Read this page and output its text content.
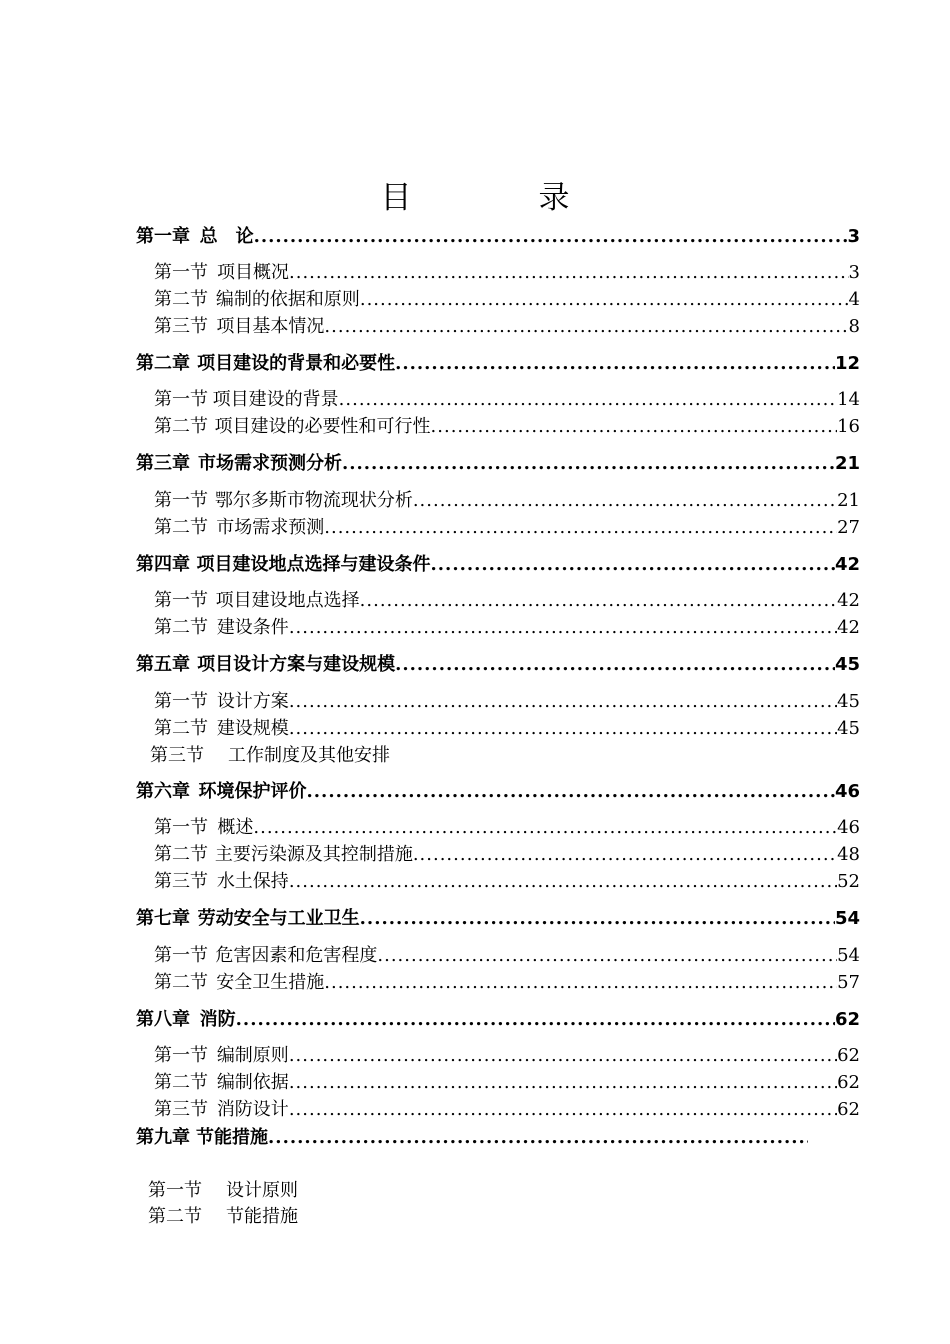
目　录
第一章 总　论 .....	3
第一节 项目概况 .....	3
第二节 编制的依据和原则 .....	4
第三节 项目基本情况 .....	8
第二章 项目建设的背景和必要性 .....	12
第一节 项目建设的背景 .....	14
第二节 项目建设的必要性和可行性 .....	16
第三章 市场需求预测分析 .....	21
第一节 鄂尔多斯市物流现状分析 .....	21
第二节 市场需求预测 .....	27
第四章 项目建设地点选择与建设条件 .....	42
第一节 项目建设地点选择 .....	42
第二节 建设条件 .....	42
第五章 项目设计方案与建设规模 .....	45
第一节 设计方案 .....	45
第二节 建设规模 .....	45
第三节 工作制度及其他安排
第六章 环境保护评价 .....	46
第一节 概述 .....	46
第二节 主要污染源及其控制措施 .....	48
第三节 水土保持 .....	52
第七章 劳动安全与工业卫生 .....	54
第一节 危害因素和危害程度 .....	54
第二节 安全卫生措施 .....	57
第八章 消防 .....	62
第一节 编制原则 .....	62
第二节 编制依据 .....	62
第三节 消防设计 .....	62
第九章 节能措施
.....
第一节 设计原则
第二节 节能措施
